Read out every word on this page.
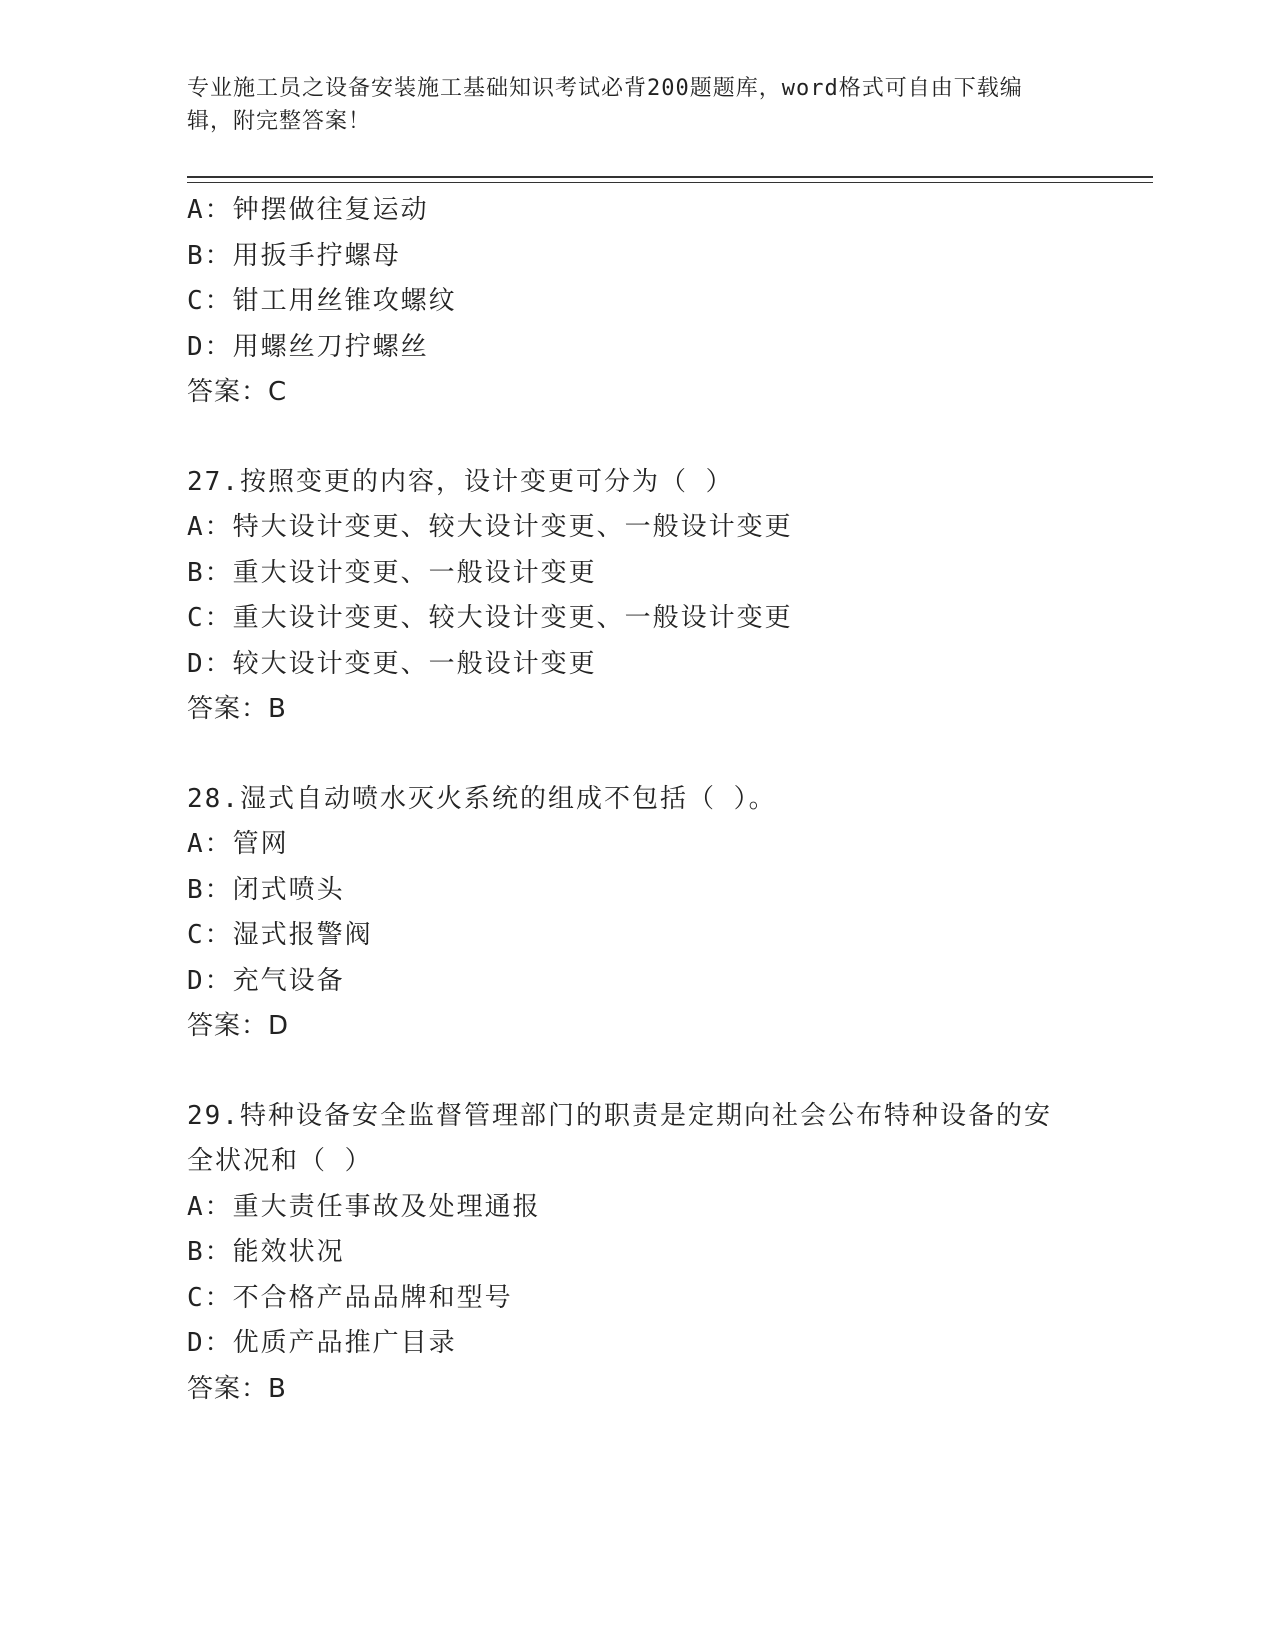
专业施工员之设备安装施工基础知识考试必背200题题库，word格式可自由下载编辑，附完整答案！
A：钟摆做往复运动
B：用扳手拧螺母
C：钳工用丝锥攻螺纹
D：用螺丝刀拧螺丝
答案：C
27.按照变更的内容，设计变更可分为（ ）
A：特大设计变更、较大设计变更、一般设计变更
B：重大设计变更、一般设计变更
C：重大设计变更、较大设计变更、一般设计变更
D：较大设计变更、一般设计变更
答案：B
28.湿式自动喷水灭火系统的组成不包括（ ）。
A：管网
B：闭式喷头
C：湿式报警阀
D：充气设备
答案：D
29.特种设备安全监督管理部门的职责是定期向社会公布特种设备的安全状况和（ ）
A：重大责任事故及处理通报
B：能效状况
C：不合格产品品牌和型号
D：优质产品推广目录
答案：B
